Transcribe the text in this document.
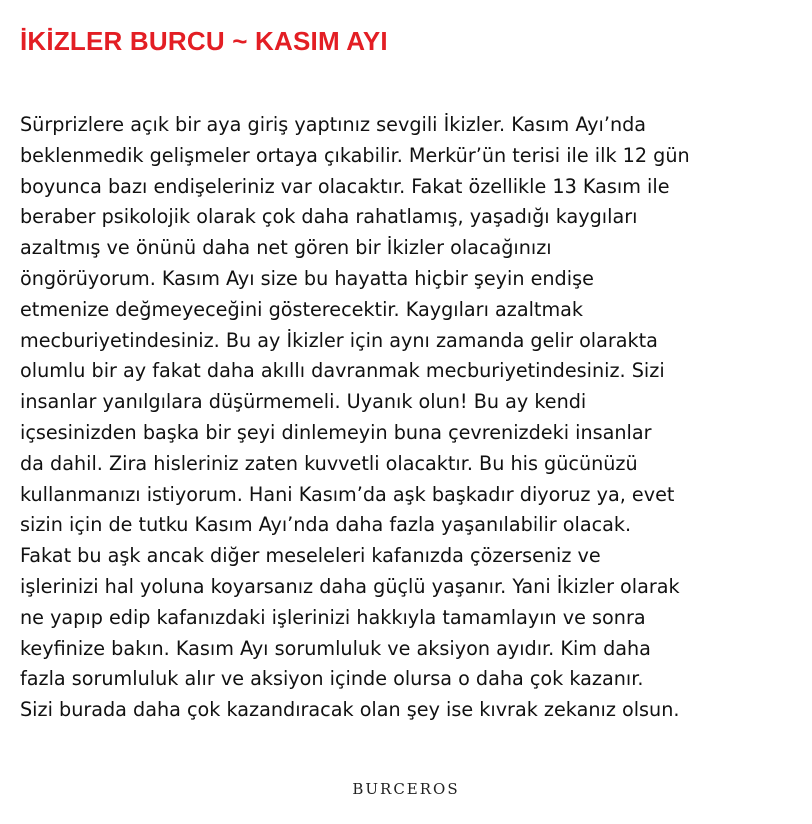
İKİZLER BURCU ~ KASIM AYI

Sürprizlere açık bir aya giriş yaptınız sevgili İkizler. Kasım Ayı’nda
beklenmedik gelişmeler ortaya çıkabilir. Merkür’ün terisi ile ilk 12 gün
boyunca bazı endişeleriniz var olacaktır. Fakat özellikle 13 Kasım ile
beraber psikolojik olarak çok daha rahatlamış, yaşadığı kaygıları
azaltmış ve önünü daha net gören bir İkizler olacağınızı
öngörüyorum. Kasım Ayı size bu hayatta hiçbir şeyin endişe
etmenize değmeyeceğini gösterecektir. Kaygıları azaltmak
mecburiyetindesiniz. Bu ay İkizler için aynı zamanda gelir olarakta
olumlu bir ay fakat daha akıllı davranmak mecburiyetindesiniz. Sizi
insanlar yanılgılara düşürmemeli. Uyanık olun! Bu ay kendi
içsesinizden başka bir şeyi dinlemeyin buna çevrenizdeki insanlar
da dahil. Zira hisleriniz zaten kuvvetli olacaktır. Bu his gücünüzü
kullanmanızı istiyorum. Hani Kasım’da aşk başkadır diyoruz ya, evet
sizin için de tutku Kasım Ayı’nda daha fazla yaşanılabilir olacak.
Fakat bu aşk ancak diğer meseleleri kafanızda çözerseniz ve
işlerinizi hal yoluna koyarsanız daha güçlü yaşanır. Yani İkizler olarak
ne yapıp edip kafanızdaki işlerinizi hakkıyla tamamlayın ve sonra
keyfinize bakın. Kasım Ayı sorumluluk ve aksiyon ayıdır. Kim daha
fazla sorumluluk alır ve aksiyon içinde olursa o daha çok kazanır.
Sizi burada daha çok kazandıracak olan şey ise kıvrak zekanız olsun.

BURCEROS
